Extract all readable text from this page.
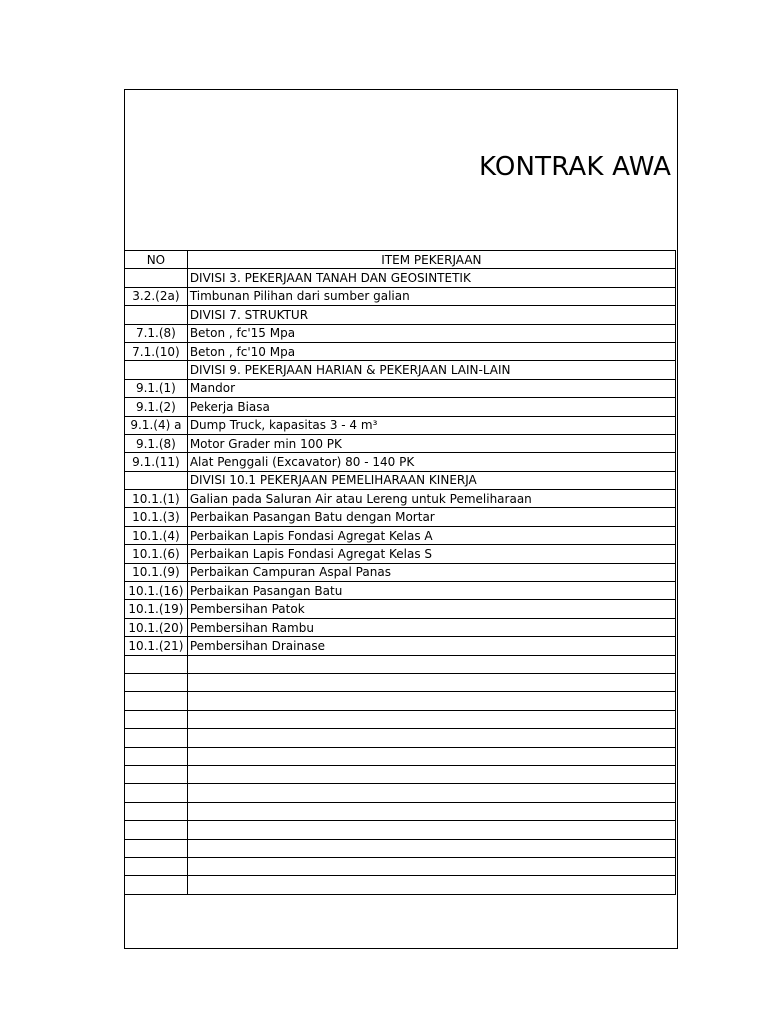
KONTRAK AWA
NO	ITEM PEKERJAAN
	DIVISI 3. PEKERJAAN TANAH DAN GEOSINTETIK
3.2.(2a)	Timbunan Pilihan dari sumber galian
	DIVISI 7. STRUKTUR
7.1.(8)	Beton , fc'15 Mpa
7.1.(10)	Beton , fc'10 Mpa
	DIVISI 9. PEKERJAAN HARIAN & PEKERJAAN LAIN-LAIN
9.1.(1)	Mandor
9.1.(2)	Pekerja Biasa
9.1.(4) a	Dump Truck, kapasitas 3 - 4 m³
9.1.(8)	Motor Grader min 100 PK
9.1.(11)	Alat Penggali (Excavator) 80 - 140 PK
	DIVISI 10.1 PEKERJAAN PEMELIHARAAN KINERJA
10.1.(1)	Galian pada Saluran Air atau Lereng untuk Pemeliharaan
10.1.(3)	Perbaikan Pasangan Batu dengan Mortar
10.1.(4)	Perbaikan Lapis Fondasi Agregat Kelas A
10.1.(6)	Perbaikan Lapis Fondasi Agregat Kelas S
10.1.(9)	Perbaikan Campuran Aspal Panas
10.1.(16)	Perbaikan Pasangan Batu
10.1.(19)	Pembersihan Patok
10.1.(20)	Pembersihan Rambu
10.1.(21)	Pembersihan Drainase
